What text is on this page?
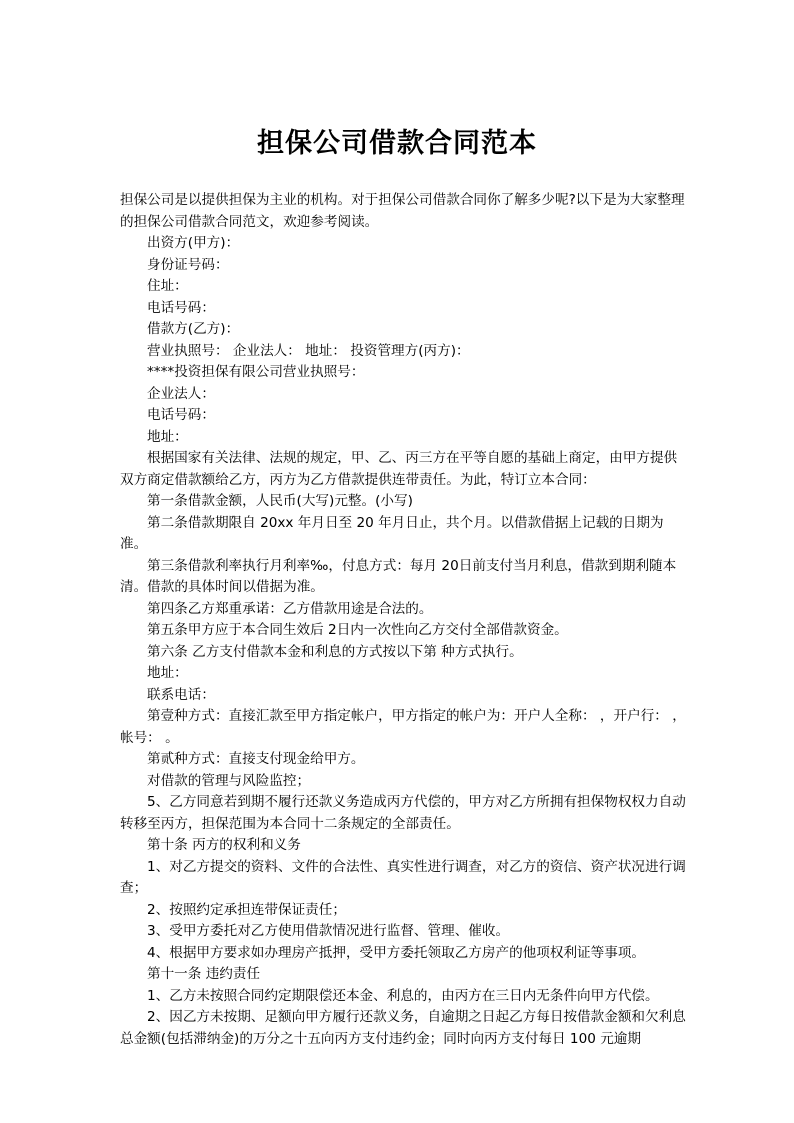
担保公司借款合同范本

担保公司是以提供担保为主业的机构。对于担保公司借款合同你了解多少呢?以下是为大家整理的担保公司借款合同范文，欢迎参考阅读。

出资方(甲方)：

身份证号码：

住址：

电话号码：

借款方(乙方)：

营业执照号： 企业法人： 地址： 投资管理方(丙方)：

****投资担保有限公司营业执照号：

企业法人：

电话号码：

地址：

根据国家有关法律、法规的规定，甲、乙、丙三方在平等自愿的基础上商定，由甲方提供双方商定借款额给乙方，丙方为乙方借款提供连带责任。为此，特订立本合同：

第一条借款金额，人民币(大写)元整。(小写)

第二条借款期限自 20xx 年月日至 20 年月日止，共个月。以借款借据上记载的日期为准。

第三条借款利率执行月利率‰，付息方式：每月 20日前支付当月利息，借款到期利随本清。借款的具体时间以借据为准。

第四条乙方郑重承诺：乙方借款用途是合法的。

第五条甲方应于本合同生效后 2日内一次性向乙方交付全部借款资金。

第六条 乙方支付借款本金和利息的方式按以下第 种方式执行。

地址：

联系电话：

第壹种方式：直接汇款至甲方指定帐户，甲方指定的帐户为：开户人全称： ，开户行： ，帐号： 。

第贰种方式：直接支付现金给甲方。

对借款的管理与风险监控；

5、乙方同意若到期不履行还款义务造成丙方代偿的，甲方对乙方所拥有担保物权权力自动转移至丙方，担保范围为本合同十二条规定的全部责任。

第十条 丙方的权利和义务

1、对乙方提交的资料、文件的合法性、真实性进行调查，对乙方的资信、资产状况进行调查；

2、按照约定承担连带保证责任；

3、受甲方委托对乙方使用借款情况进行监督、管理、催收。

4、根据甲方要求如办理房产抵押，受甲方委托领取乙方房产的他项权利证等事项。

第十一条 违约责任

1、乙方未按照合同约定期限偿还本金、利息的，由丙方在三日内无条件向甲方代偿。

2、因乙方未按期、足额向甲方履行还款义务，自逾期之日起乙方每日按借款金额和欠利息总金额(包括滞纳金)的万分之十五向丙方支付违约金；同时向丙方支付每日 100 元逾期
